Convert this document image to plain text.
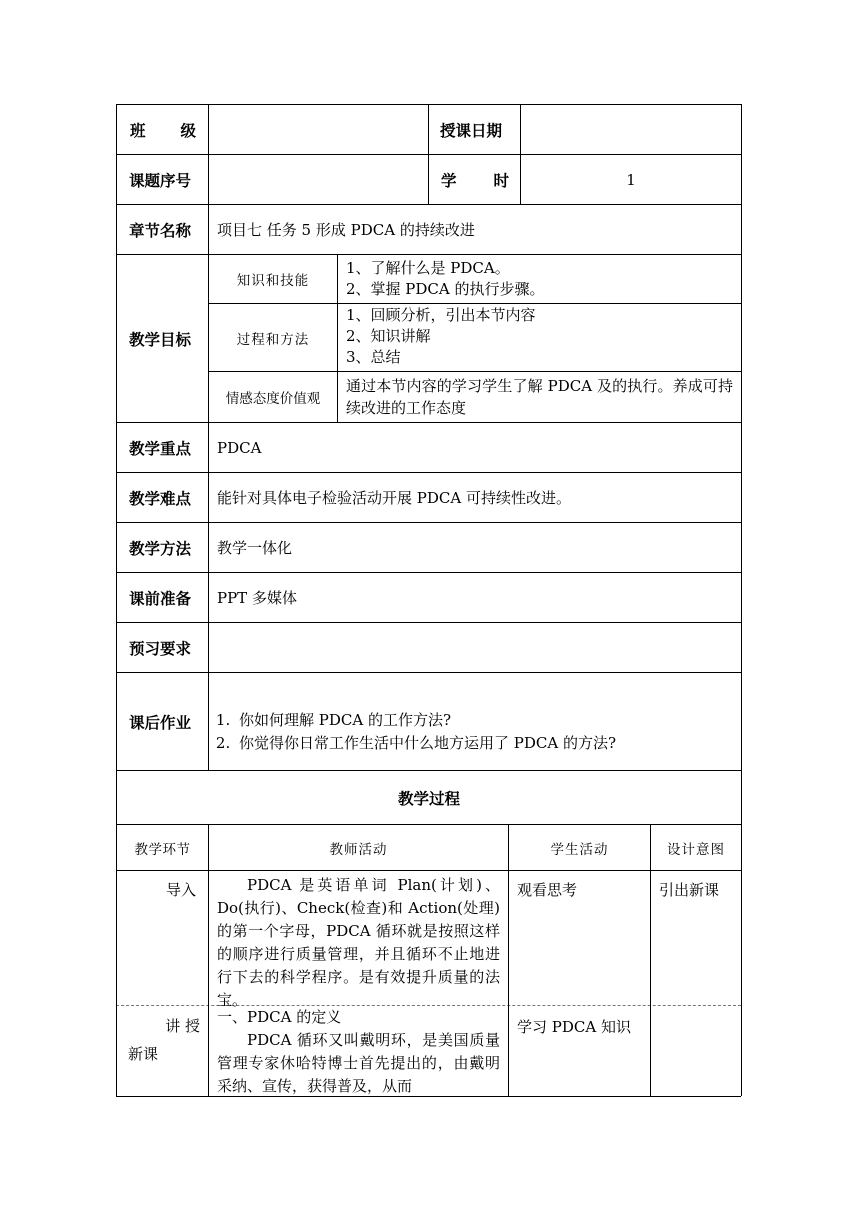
班 级	授课日期
课题序号	学 时	1
章节名称	项目七 任务 5 形成 PDCA 的持续改进
教学目标
知识和技能
1、了解什么是 PDCA。
2、掌握 PDCA 的执行步骤。
过程和方法
1、回顾分析，引出本节内容
2、知识讲解
3、总结
情感态度价值观
通过本节内容的学习学生了解 PDCA 及的执行。养成可持续改进的工作态度
教学重点	PDCA
教学难点	能针对具体电子检验活动开展 PDCA 可持续性改进。
教学方法	教学一体化
课前准备	PPT 多媒体
预习要求
课后作业
1.	你如何理解 PDCA 的工作方法?
2. 你觉得你日常工作生活中什么地方运用了 PDCA 的方法?
教学过程
教学环节	教师活动	学生活动	设计意图
导入	PDCA 是英语单词 Plan(计划)、Do(执行)、Check(检查)和 Action(处理)的第一个字母，PDCA 循环就是按照这样的顺序进行质量管理，并且循环不止地进行下去的科学程序。是有效提升质量的法宝。
观看思考	引出新课
讲 授
新课
一、PDCA 的定义
PDCA 循环又叫戴明环，是美国质量管理专家休哈特博士首先提出的，由戴明采纳、宣传，获得普及，从而
学习 PDCA 知识
